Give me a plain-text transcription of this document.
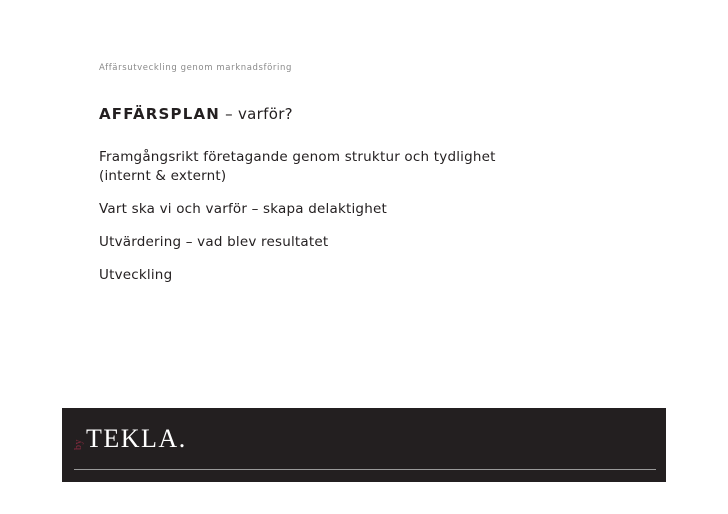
Affärsutveckling genom marknadsföring
AFFÄRSPLAN – varför?
Framgångsrikt företagande genom struktur och tydlighet
(internt & externt)
Vart ska vi och varför – skapa delaktighet
Utvärdering – vad blev resultatet
Utveckling
by TEKLA.
